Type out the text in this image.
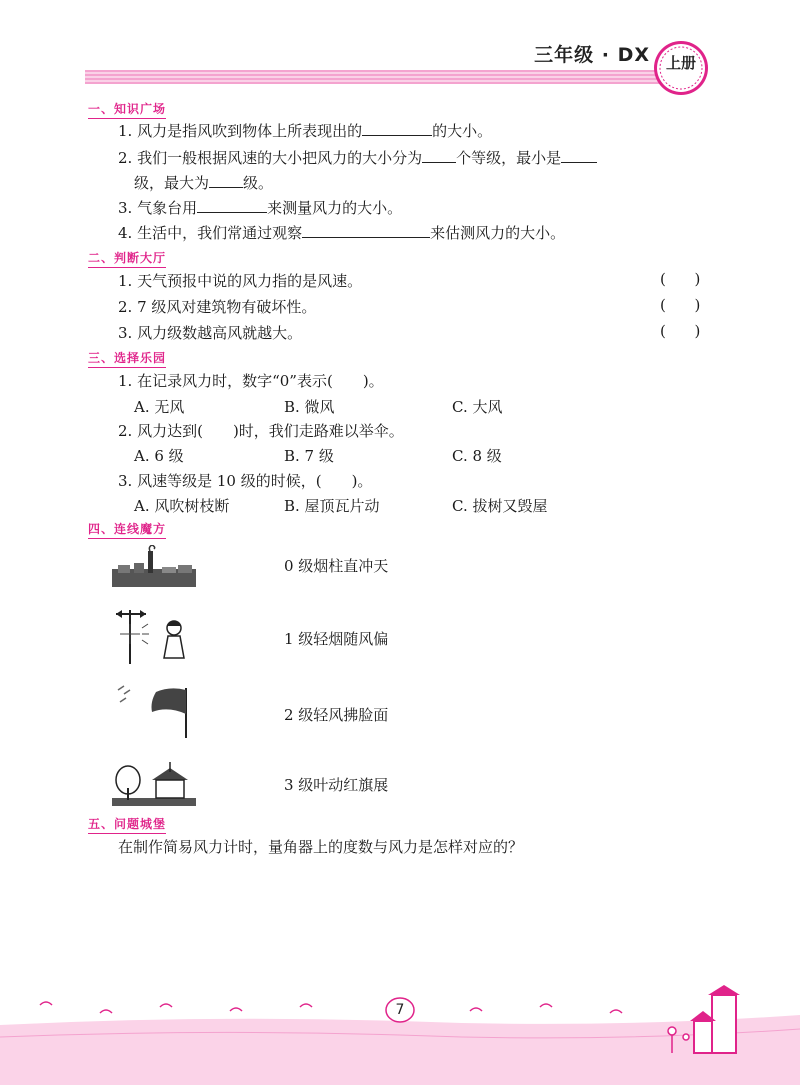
三年级 · DX	上册
一、知识广场
1. 风力是指风吹到物体上所表现出的	的大小。
2. 我们一般根据风速的大小把风力的大小分为 个等级，最小是
级，最大为 级。
3. 气象台用	来测量风力的大小。
4. 生活中，我们常通过观察	来估测风力的大小。
二、判断大厅
1. 天气预报中说的风力指的是风速。	(      )
2. 7 级风对建筑物有破坏性。	(      )
3. 风力级数越高风就越大。	(      )
三、选择乐园
1. 在记录风力时，数字“0”表示( )。
A. 无风	B. 微风	C. 大风
2. 风力达到( )时，我们走路难以举伞。
A. 6 级	B. 7 级	C. 8 级
3. 风速等级是 10 级的时候，( )。
A. 风吹树枝断	B. 屋顶瓦片动	C. 拔树又毁屋
四、连线魔方
0 级烟柱直冲天
1 级轻烟随风偏
2 级轻风拂脸面
3 级叶动红旗展
五、问题城堡
在制作简易风力计时，量角器上的度数与风力是怎样对应的？
7
